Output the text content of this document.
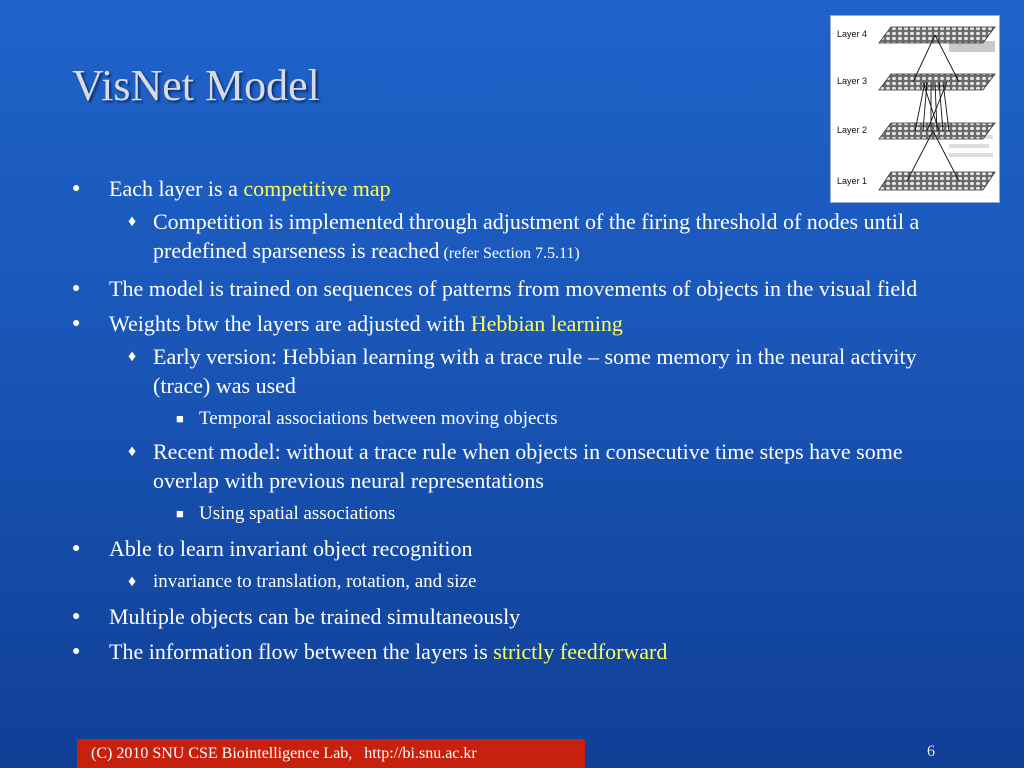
VisNet Model
Layer 4
Layer 3
Layer 2
Layer 1
● Each layer is a competitive map
♦ Competition is implemented through adjustment of the firing threshold of nodes until a predefined sparseness is reached (refer Section 7.5.11)
● The model is trained on sequences of patterns from movements of objects in the visual field
● Weights btw the layers are adjusted with Hebbian learning
♦ Early version: Hebbian learning with a trace rule – some memory in the neural activity (trace) was used
■ Temporal associations between moving objects
♦ Recent model: without a trace rule when objects in consecutive time steps have some overlap with previous neural representations
■ Using spatial associations
● Able to learn invariant object recognition
♦ invariance to translation, rotation, and size
● Multiple objects can be trained simultaneously
● The information flow between the layers is strictly feedforward
(C) 2010 SNU CSE Biointelligence Lab,   http://bi.snu.ac.kr	6
